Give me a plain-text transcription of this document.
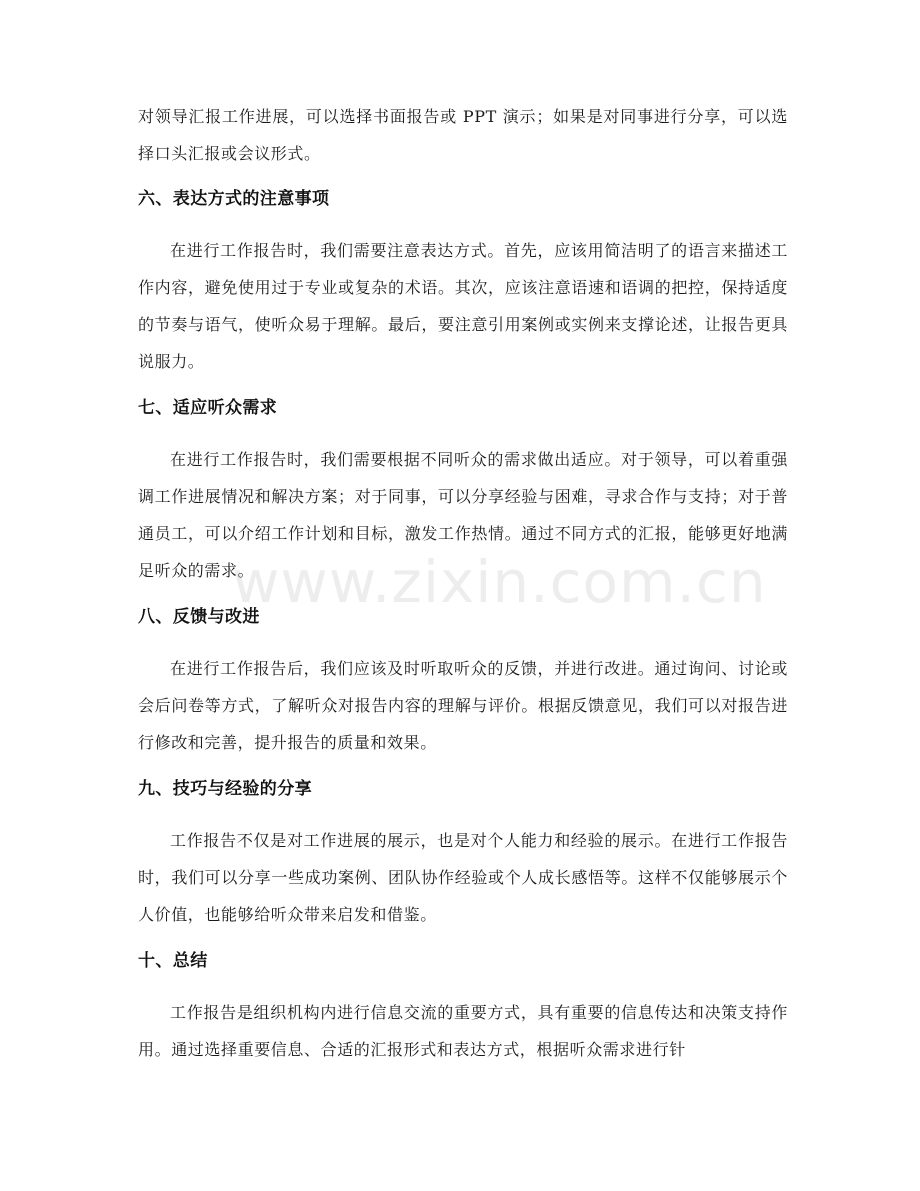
www.zixin.com.cn

对领导汇报工作进展，可以选择书面报告或 PPT 演示；如果是对同事进行分享，可以选择口头汇报或会议形式。

六、表达方式的注意事项

在进行工作报告时，我们需要注意表达方式。首先，应该用简洁明了的语言来描述工作内容，避免使用过于专业或复杂的术语。其次，应该注意语速和语调的把控，保持适度的节奏与语气，使听众易于理解。最后，要注意引用案例或实例来支撑论述，让报告更具说服力。

七、适应听众需求

在进行工作报告时，我们需要根据不同听众的需求做出适应。对于领导，可以着重强调工作进展情况和解决方案；对于同事，可以分享经验与困难，寻求合作与支持；对于普通员工，可以介绍工作计划和目标，激发工作热情。通过不同方式的汇报，能够更好地满足听众的需求。

八、反馈与改进

在进行工作报告后，我们应该及时听取听众的反馈，并进行改进。通过询问、讨论或会后问卷等方式，了解听众对报告内容的理解与评价。根据反馈意见，我们可以对报告进行修改和完善，提升报告的质量和效果。

九、技巧与经验的分享

工作报告不仅是对工作进展的展示，也是对个人能力和经验的展示。在进行工作报告时，我们可以分享一些成功案例、团队协作经验或个人成长感悟等。这样不仅能够展示个人价值，也能够给听众带来启发和借鉴。

十、总结

工作报告是组织机构内进行信息交流的重要方式，具有重要的信息传达和决策支持作用。通过选择重要信息、合适的汇报形式和表达方式，根据听众需求进行针
